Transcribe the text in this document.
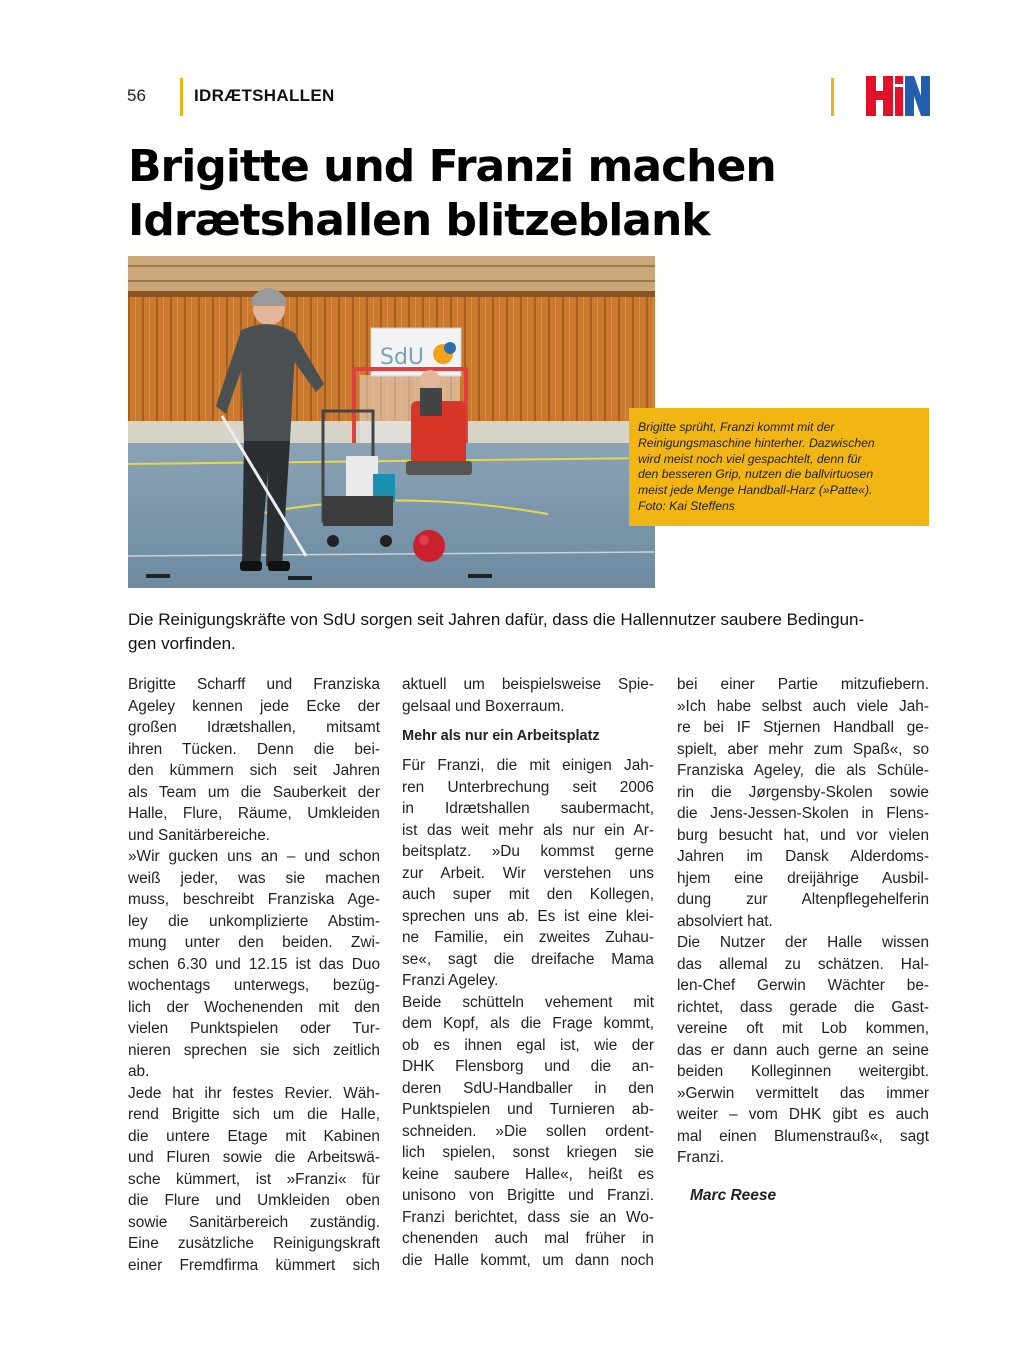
56	IDRÆTSHALLEN
Brigitte und Franzi machen
Idrætshallen blitzeblank
SdU
Brigitte sprüht, Franzi kommt mit der
Reinigungsmaschine hinterher. Dazwischen
wird meist noch viel gespachtelt, denn für
den besseren Grip, nutzen die ballvirtuosen
meist jede Menge Handball-Harz (»Patte«).
Foto: Kai Steffens

Die Reinigungskräfte von SdU sorgen seit Jahren dafür, dass die Hallennutzer saubere Bedingun-
gen vorfinden.

Brigitte Scharff und Franziska
Ageley kennen jede Ecke der
großen Idrætshallen, mitsamt
ihren Tücken. Denn die bei-
den kümmern sich seit Jahren
als Team um die Sauberkeit der
Halle, Flure, Räume, Umkleiden
und Sanitärbereiche.
»Wir gucken uns an – und schon
weiß jeder, was sie machen
muss, beschreibt Franziska Age-
ley die unkomplizierte Abstim-
mung unter den beiden. Zwi-
schen 6.30 und 12.15 ist das Duo
wochentags unterwegs, bezüg-
lich der Wochenenden mit den
vielen Punktspielen oder Tur-
nieren sprechen sie sich zeitlich
ab.
Jede hat ihr festes Revier. Wäh-
rend Brigitte sich um die Halle,
die untere Etage mit Kabinen
und Fluren sowie die Arbeitswä-
sche kümmert, ist »Franzi« für
die Flure und Umkleiden oben
sowie Sanitärbereich zuständig.
Eine zusätzliche Reinigungskraft
einer Fremdfirma kümmert sich
aktuell um beispielsweise Spie-
gelsaal und Boxerraum.
Mehr als nur ein Arbeitsplatz
Für Franzi, die mit einigen Jah-
ren Unterbrechung seit 2006
in Idrætshallen saubermacht,
ist das weit mehr als nur ein Ar-
beitsplatz. »Du kommst gerne
zur Arbeit. Wir verstehen uns
auch super mit den Kollegen,
sprechen uns ab. Es ist eine klei-
ne Familie, ein zweites Zuhau-
se«, sagt die dreifache Mama
Franzi Ageley.
Beide schütteln vehement mit
dem Kopf, als die Frage kommt,
ob es ihnen egal ist, wie der
DHK Flensborg und die an-
deren SdU-Handballer in den
Punktspielen und Turnieren ab-
schneiden. »Die sollen ordent-
lich spielen, sonst kriegen sie
keine saubere Halle«, heißt es
unisono von Brigitte und Franzi.
Franzi berichtet, dass sie an Wo-
chenenden auch mal früher in
die Halle kommt, um dann noch
bei einer Partie mitzufiebern.
»Ich habe selbst auch viele Jah-
re bei IF Stjernen Handball ge-
spielt, aber mehr zum Spaß«, so
Franziska Ageley, die als Schüle-
rin die Jørgensby-Skolen sowie
die Jens-Jessen-Skolen in Flens-
burg besucht hat, und vor vielen
Jahren im Dansk Alderdoms-
hjem eine dreijährige Ausbil-
dung zur Altenpflegehelferin
absolviert hat.
Die Nutzer der Halle wissen
das allemal zu schätzen. Hal-
len-Chef Gerwin Wächter be-
richtet, dass gerade die Gast-
vereine oft mit Lob kommen,
das er dann auch gerne an seine
beiden Kolleginnen weitergibt.
»Gerwin vermittelt das immer
weiter – vom DHK gibt es auch
mal einen Blumenstrauß«, sagt
Franzi.
Marc Reese
